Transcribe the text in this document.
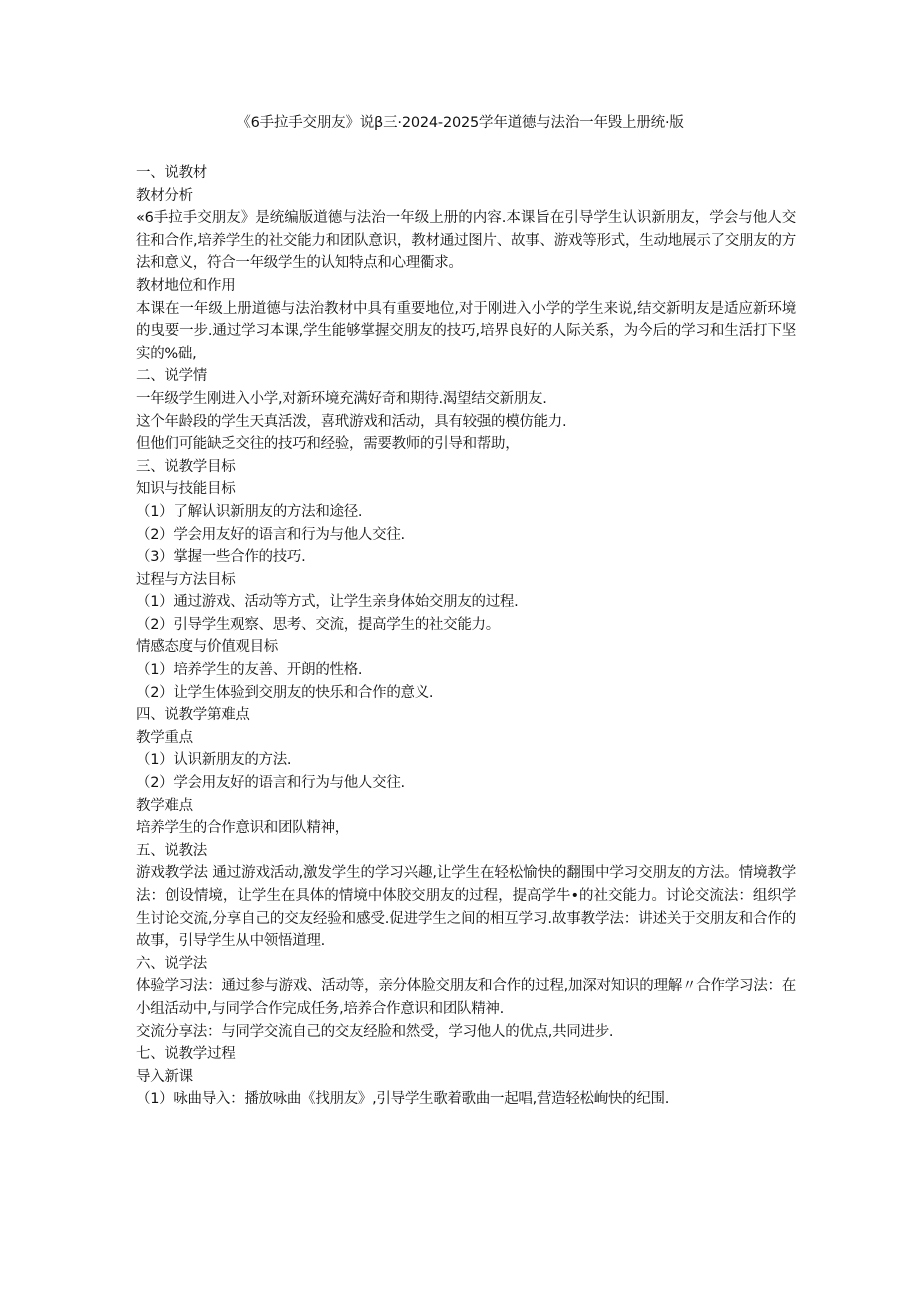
《6手拉手交朋友》说β三·2024-2025学年道德与法治一年毁上册统·版
一、说教材
教材分析
«6手拉手交朋友》是统编版道德与法治一年级上册的内容.本课旨在引导学生认识新朋友，学会与他人交往和合作,培养学生的社交能力和团队意识，教材通过图片、故事、游戏等形式，生动地展示了交朋友的方法和意义，符合一年级学生的认知特点和心理衢求。
教材地位和作用
本课在一年级上册道德与法治教材中具有重要地位,对于刚进入小学的学生来说,结交新明友是适应新环境的曳要一步.通过学习本课,学生能够掌握交朋友的技巧,培界良好的人际关系，为今后的学习和生活打下坚实的%础,
二、说学情
一年级学生刚进入小学,对新环境充满好奇和期待.渴望结交新朋友.
这个年龄段的学生天真活泼，喜玳游戏和活动，具有较强的模仿能力.
但他们可能缺乏交往的技巧和经验，需要教师的引导和帮助，
三、说教学目标
知识与技能目标
（1）了解认识新朋友的方法和途径.
（2）学会用友好的语言和行为与他人交往.
（3）掌握一些合作的技巧.
过程与方法目标
（1）通过游戏、活动等方式，让学生亲身体始交朋友的过程.
（2）引导学生观察、思考、交流，提高学生的社交能力。
情感态度与价值观目标
（1）培养学生的友善、开朗的性格.
（2）让学生体验到交朋友的快乐和合作的意义.
四、说教学第难点
教学重点
（1）认识新朋友的方法.
（2）学会用友好的语言和行为与他人交往.
教学难点
培养学生的合作意识和团队精神，
五、说教法
游戏教学法 通过游戏活动,激发学生的学习兴趣,让学生在轻松愉快的翻围中学习交朋友的方法。情境教学法：创设情境，让学生在具体的情境中体胶交朋友的过程，提高学牛•的社交能力。讨论交流法：组织学生讨论交流,分享自己的交友经验和感受.促进学生之间的相互学习.故事教学法：讲述关于交朋友和合作的故事，引导学生从中领悟道理.
六、说学法
体验学习法：通过参与游戏、活动等，亲分体脸交朋友和合作的过程,加深对知识的理解〃合作学习法：在小组活动中,与同学合作完成任务,培养合作意识和团队精神.
交流分享法：与同学交流自己的交友经脸和然受，学习他人的优点,共同进步.
七、说教学过程
导入新课
（1）咏曲导入：播放咏曲《找朋友》,引导学生歌着歌曲一起唱,营造轻松峋快的纪围.
